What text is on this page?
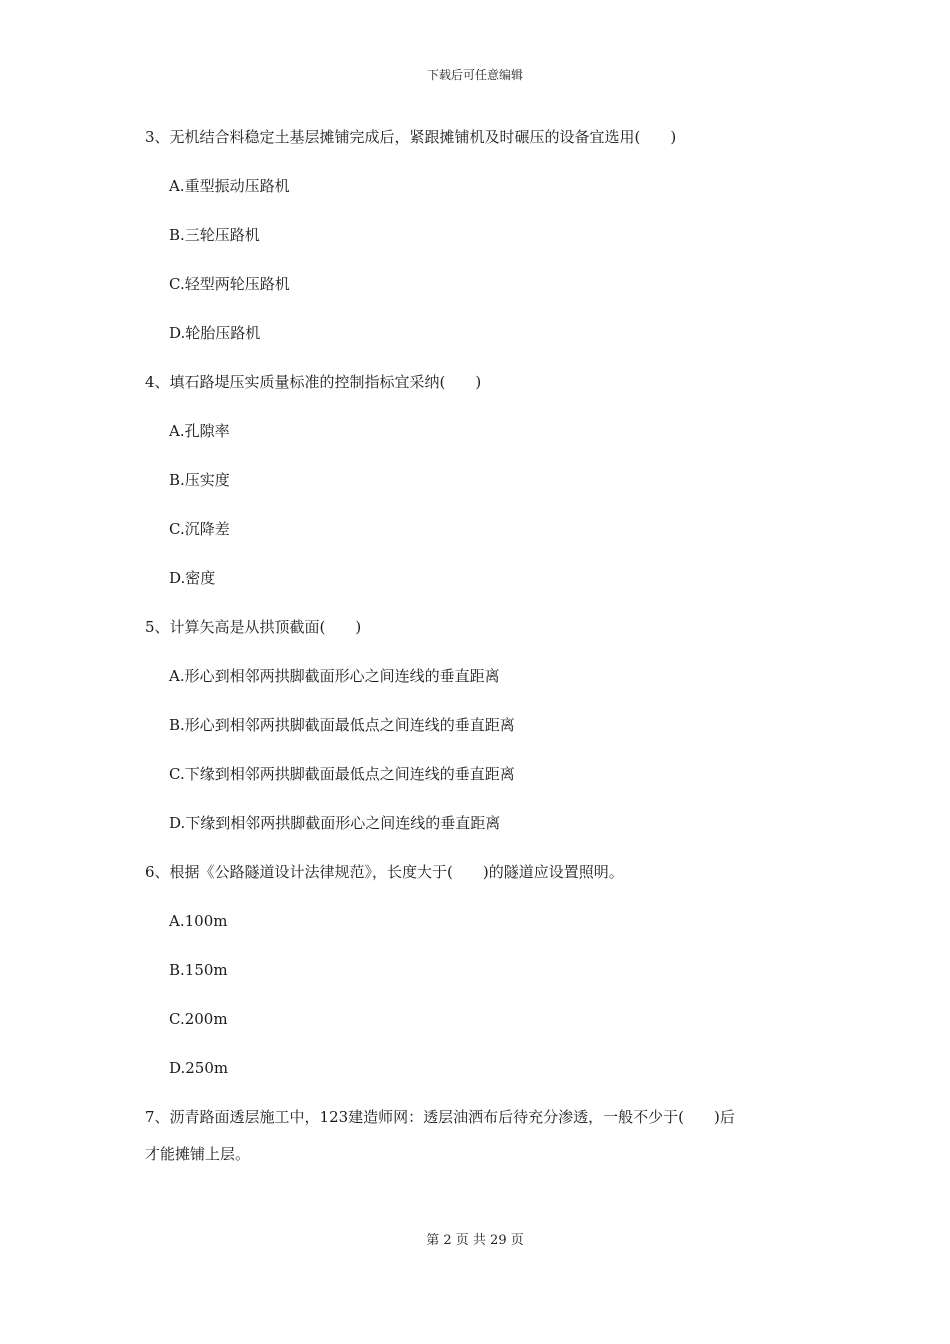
下载后可任意编辑

3、无机结合料稳定土基层摊铺完成后，紧跟摊铺机及时碾压的设备宜选用(　　)

A.重型振动压路机

B.三轮压路机

C.轻型两轮压路机

D.轮胎压路机

4、填石路堤压实质量标准的控制指标宜采纳(　　)

A.孔隙率

B.压实度

C.沉降差

D.密度

5、计算矢高是从拱顶截面(　　)

A.形心到相邻两拱脚截面形心之间连线的垂直距离

B.形心到相邻两拱脚截面最低点之间连线的垂直距离

C.下缘到相邻两拱脚截面最低点之间连线的垂直距离

D.下缘到相邻两拱脚截面形心之间连线的垂直距离

6、根据《公路隧道设计法律规范》，长度大于(　　)的隧道应设置照明。

A.100m

B.150m

C.200m

D.250m

7、沥青路面透层施工中，123建造师网：透层油洒布后待充分渗透，一般不少于(　　)后

才能摊铺上层。

第 2 页 共 29 页
